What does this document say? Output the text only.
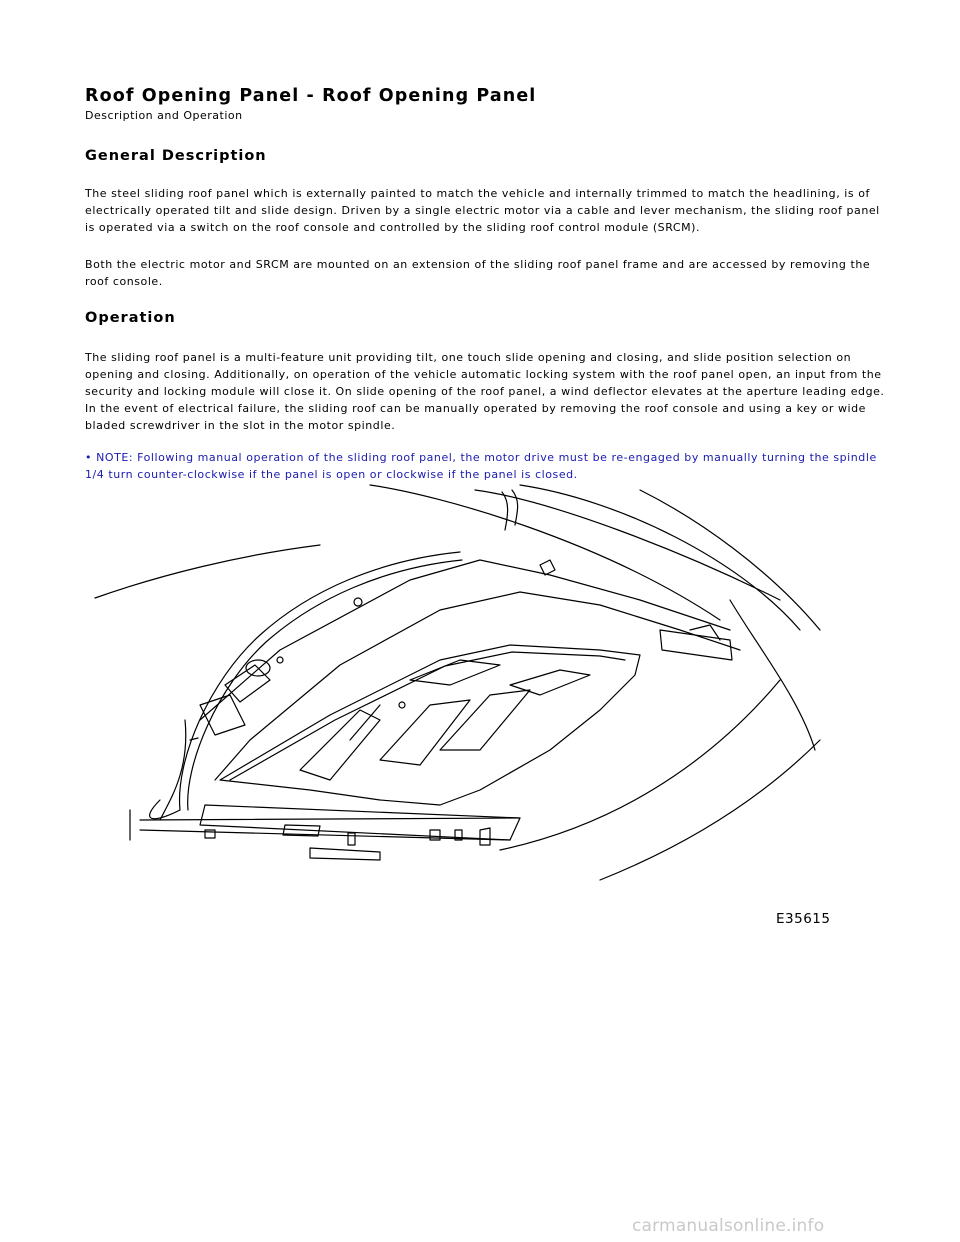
Roof Opening Panel - Roof Opening Panel
Description and Operation
General Description

The steel sliding roof panel which is externally painted to match the vehicle and internally trimmed to match the headlining, is of electrically operated tilt and slide design. Driven by a single electric motor via a cable and lever mechanism, the sliding roof panel is operated via a switch on the roof console and controlled by the sliding roof control module (SRCM).

Both the electric motor and SRCM are mounted on an extension of the sliding roof panel frame and are accessed by removing the roof console.

Operation

The sliding roof panel is a multi-feature unit providing tilt, one touch slide opening and closing, and slide position selection on opening and closing. Additionally, on operation of the vehicle automatic locking system with the roof panel open, an input from the security and locking module will close it. On slide opening of the roof panel, a wind deflector elevates at the aperture leading edge. In the event of electrical failure, the sliding roof can be manually operated by removing the roof console and using a key or wide bladed screwdriver in the slot in the motor spindle.

• NOTE: Following manual operation of the sliding roof panel, the motor drive must be re-engaged by manually turning the spindle 1/4 turn counter-clockwise if the panel is open or clockwise if the panel is closed.

E35615
carmanualsonline.info
